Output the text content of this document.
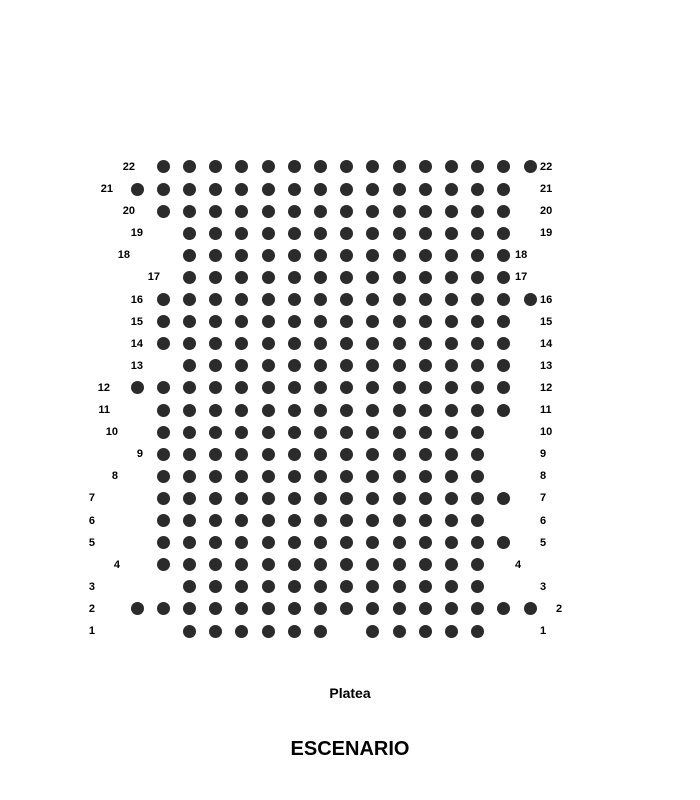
1	1
2	2
3	3
4	4
5	5
6	6
7	7
8	8
9	9
10	10
11	11
12	12
13	13
14	14
15	15
16	16
17	17
18	18
19	19
20	20
21	21
22	22
Platea
ESCENARIO
